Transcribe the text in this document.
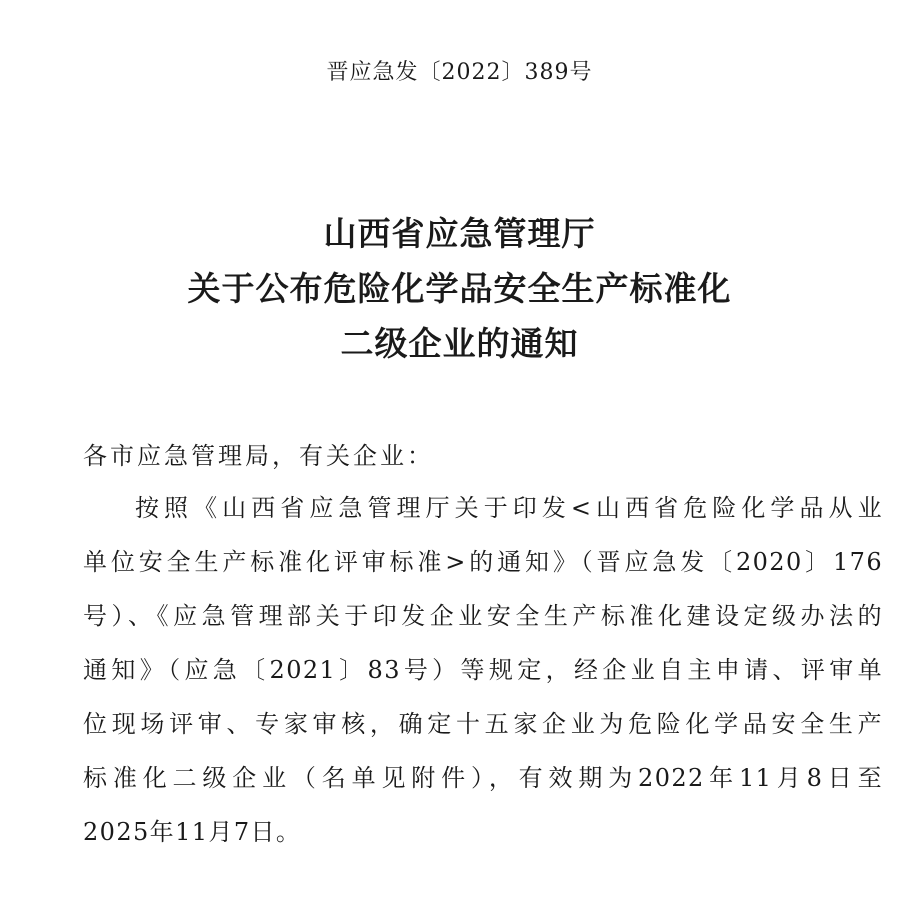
晋应急发〔2022〕389号
山西省应急管理厅
关于公布危险化学品安全生产标准化
二级企业的通知
各市应急管理局，有关企业：
按照《山西省应急管理厅关于印发<山西省危险化学品从业
单位安全生产标准化评审标准>的通知》（晋应急发〔2020〕176
号）、《应急管理部关于印发企业安全生产标准化建设定级办法的
通知》（应急〔2021〕83号）等规定，经企业自主申请、评审单
位现场评审、专家审核，确定十五家企业为危险化学品安全生产
标准化二级企业（名单见附件），有效期为2022年11月8日至
2025年11月7日。
